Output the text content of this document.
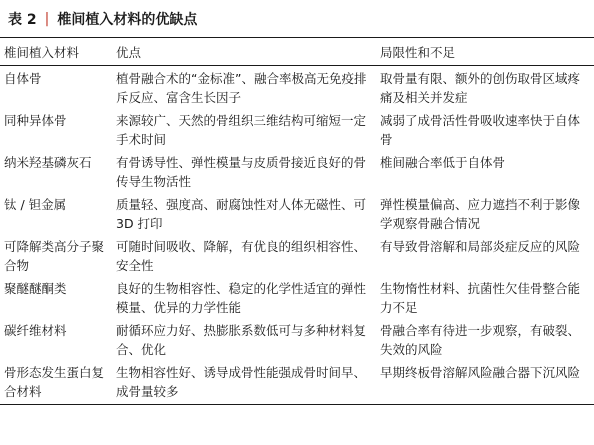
表 2 | 椎间植入材料的优缺点
椎间植入材料	优点	局限性和不足
自体骨	植骨融合术的“金标准”、融合率极高无免疫排斥反应、富含生长因子	取骨量有限、额外的创伤取骨区域疼痛及相关并发症
同种异体骨	来源较广、天然的骨组织三维结构可缩短一定手术时间	减弱了成骨活性骨吸收速率快于自体骨
纳米羟基磷灰石	有骨诱导性、弹性模量与皮质骨接近良好的骨传导生物活性	椎间融合率低于自体骨
钛 / 钽金属	质量轻、强度高、耐腐蚀性对人体无磁性、可 3D 打印	弹性模量偏高、应力遮挡不利于影像学观察骨融合情况
可降解类高分子聚合物	可随时间吸收、降解，有优良的组织相容性、安全性	有导致骨溶解和局部炎症反应的风险
聚醚醚酮类	良好的生物相容性、稳定的化学性适宜的弹性模量、优异的力学性能	生物惰性材料、抗菌性欠佳骨整合能力不足
碳纤维材料	耐循环应力好、热膨胀系数低可与多种材料复合、优化	骨融合率有待进一步观察，有破裂、失效的风险
骨形态发生蛋白复合材料	生物相容性好、诱导成骨性能强成骨时间早、成骨量较多	早期终板骨溶解风险融合器下沉风险
